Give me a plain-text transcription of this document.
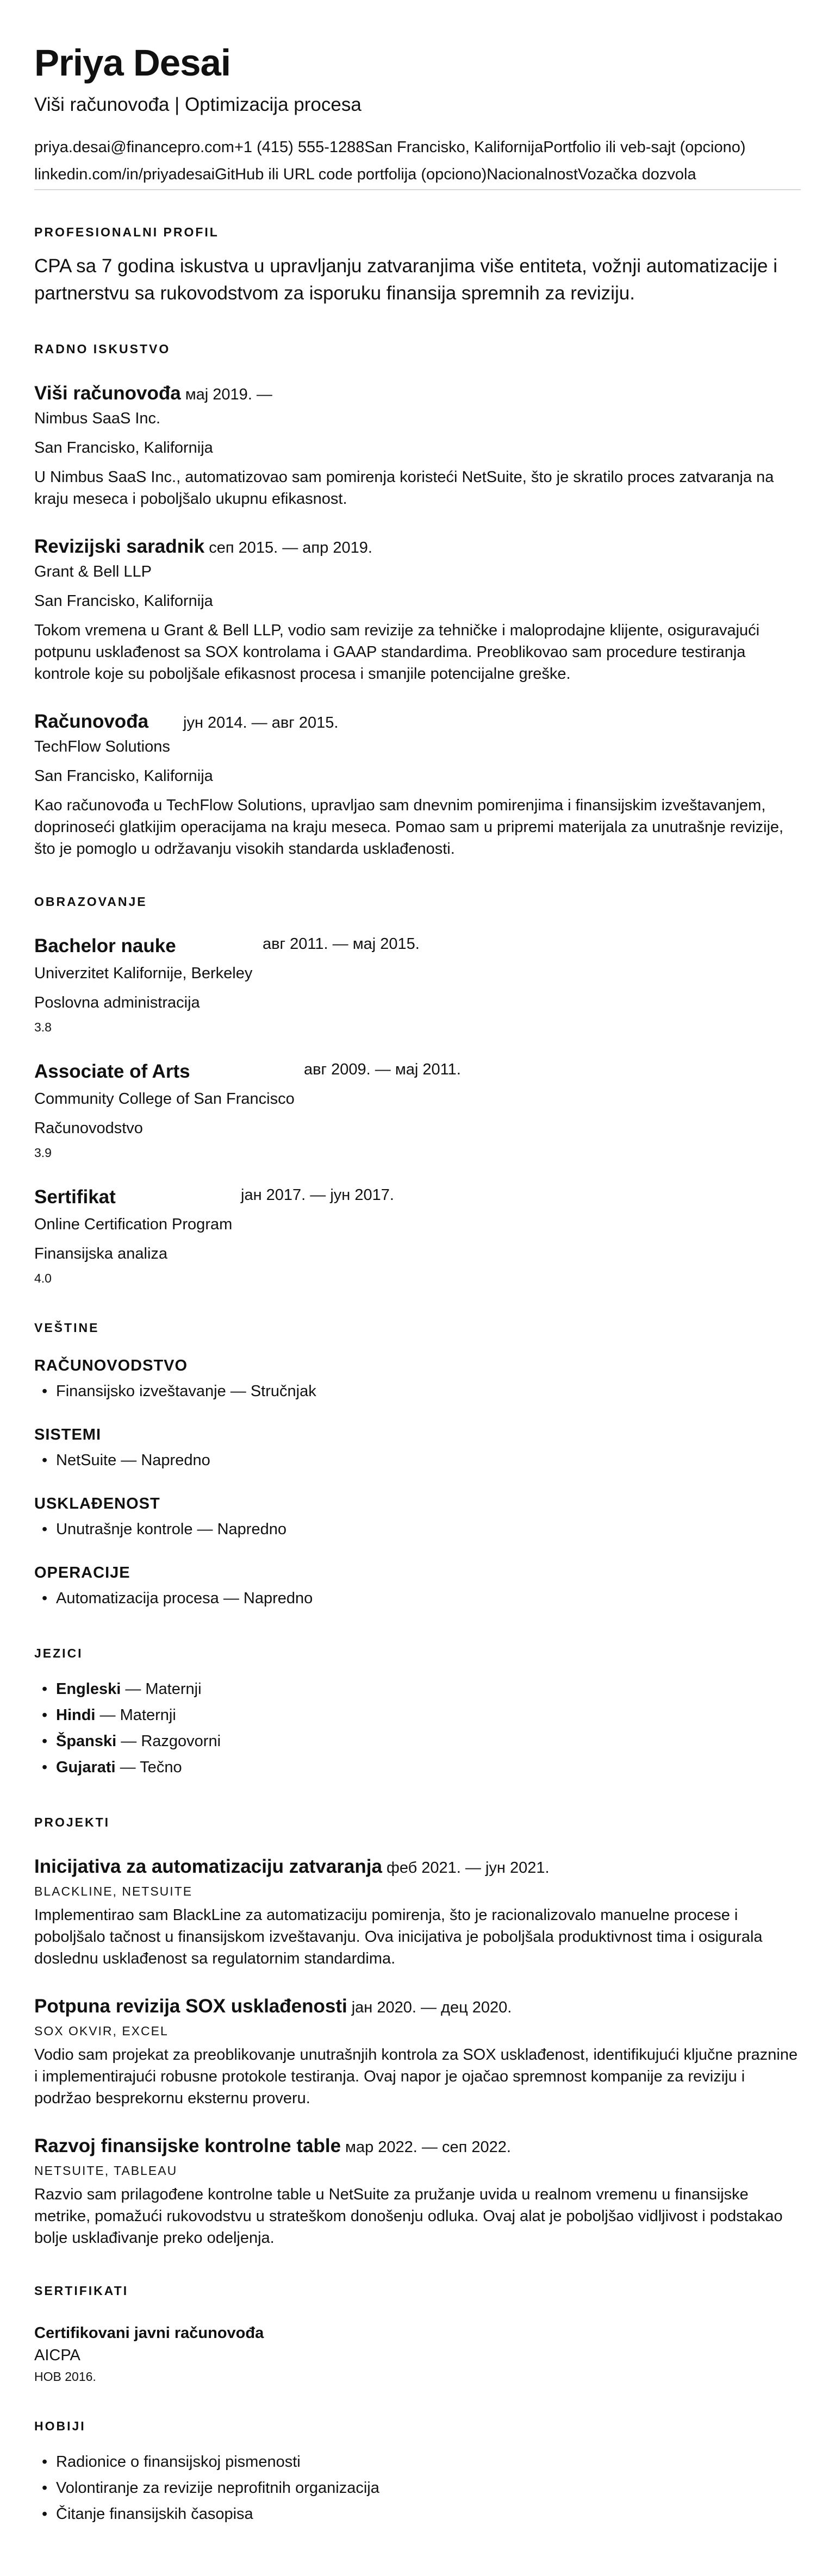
Priya Desai
Viši računovođa | Optimizacija procesa
priya.desai@financepro.com+1 (415) 555-1288San Francisko, KalifornijaPortfolio ili veb-sajt (opciono)
linkedin.com/in/priyadesaiGitHub ili URL code portfolija (opciono)NacionalnostVozačka dozvola
PROFESIONALNI PROFIL

CPA sa 7 godina iskustva u upravljanju zatvaranjima više entiteta, vožnji automatizacije i partnerstvu sa rukovodstvom za isporuku finansija spremnih za reviziju.

RADNO ISKUSTVO
Viši računovođa мај 2019. —
Nimbus SaaS Inc.
San Francisko, Kalifornija

U Nimbus SaaS Inc., automatizovao sam pomirenja koristeći NetSuite, što je skratilo proces zatvaranja na kraju meseca i poboljšalo ukupnu efikasnost.

Revizijski saradnik сеп 2015. — апр 2019.
Grant & Bell LLP
San Francisko, Kalifornija

Tokom vremena u Grant & Bell LLP, vodio sam revizije za tehničke i maloprodajne klijente, osiguravajući potpunu usklađenost sa SOX kontrolama i GAAP standardima. Preoblikovao sam procedure testiranja kontrole koje su poboljšale efikasnost procesa i smanjile potencijalne greške.

Računovođa	јун 2014. — авг 2015.
TechFlow Solutions
San Francisko, Kalifornija

Kao računovođa u TechFlow Solutions, upravljao sam dnevnim pomirenjima i finansijskim izveštavanjem, doprinoseći glatkijim operacijama na kraju meseca. Pomao sam u pripremi materijala za unutrašnje revizije, što je pomoglo u održavanju visokih standarda usklađenosti.

OBRAZOVANJE
Bachelor nauke	авг 2011. — мај 2015.
Univerzitet Kalifornije, Berkeley
Poslovna administracija
3.8
Associate of Arts	авг 2009. — мај 2011.
Community College of San Francisco
Računovodstvo
3.9
Sertifikat	јан 2017. — јун 2017.
Online Certification Program
Finansijska analiza
4.0
VEŠTINE
RAČUNOVODSTVO
• Finansijsko izveštavanje — Stručnjak
SISTEMI
• NetSuite — Napredno
USKLAĐENOST
• Unutrašnje kontrole — Napredno
OPERACIJE
• Automatizacija procesa — Napredno
JEZICI
• Engleski — Maternji
• Hindi — Maternji
• Španski — Razgovorni
• Gujarati — Tečno
PROJEKTI
Inicijativa za automatizaciju zatvaranja феб 2021. — јун 2021.
BLACKLINE, NETSUITE

Implementirao sam BlackLine za automatizaciju pomirenja, što je racionalizovalo manuelne procese i poboljšalo tačnost u finansijskom izveštavanju. Ova inicijativa je poboljšala produktivnost tima i osigurala doslednu usklađenost sa regulatornim standardima.

Potpuna revizija SOX usklađenosti јан 2020. — дец 2020.
SOX OKVIR, EXCEL

Vodio sam projekat za preoblikovanje unutrašnjih kontrola za SOX usklađenost, identifikujući ključne praznine i implementirajući robusne protokole testiranja. Ovaj napor je ojačao spremnost kompanije za reviziju i podržao besprekornu eksternu proveru.

Razvoj finansijske kontrolne table мар 2022. — сеп 2022.
NETSUITE, TABLEAU

Razvio sam prilagođene kontrolne table u NetSuite za pružanje uvida u realnom vremenu u finansijske metrike, pomažući rukovodstvu u strateškom donošenju odluka. Ovaj alat je poboljšao vidljivost i podstakao bolje usklađivanje preko odeljenja.

SERTIFIKATI
Certifikovani javni računovođa
AICPA
НОВ 2016.
HOBIJI
• Radionice o finansijskoj pismenosti
• Volontiranje za revizije neprofitnih organizacija
• Čitanje finansijskih časopisa
